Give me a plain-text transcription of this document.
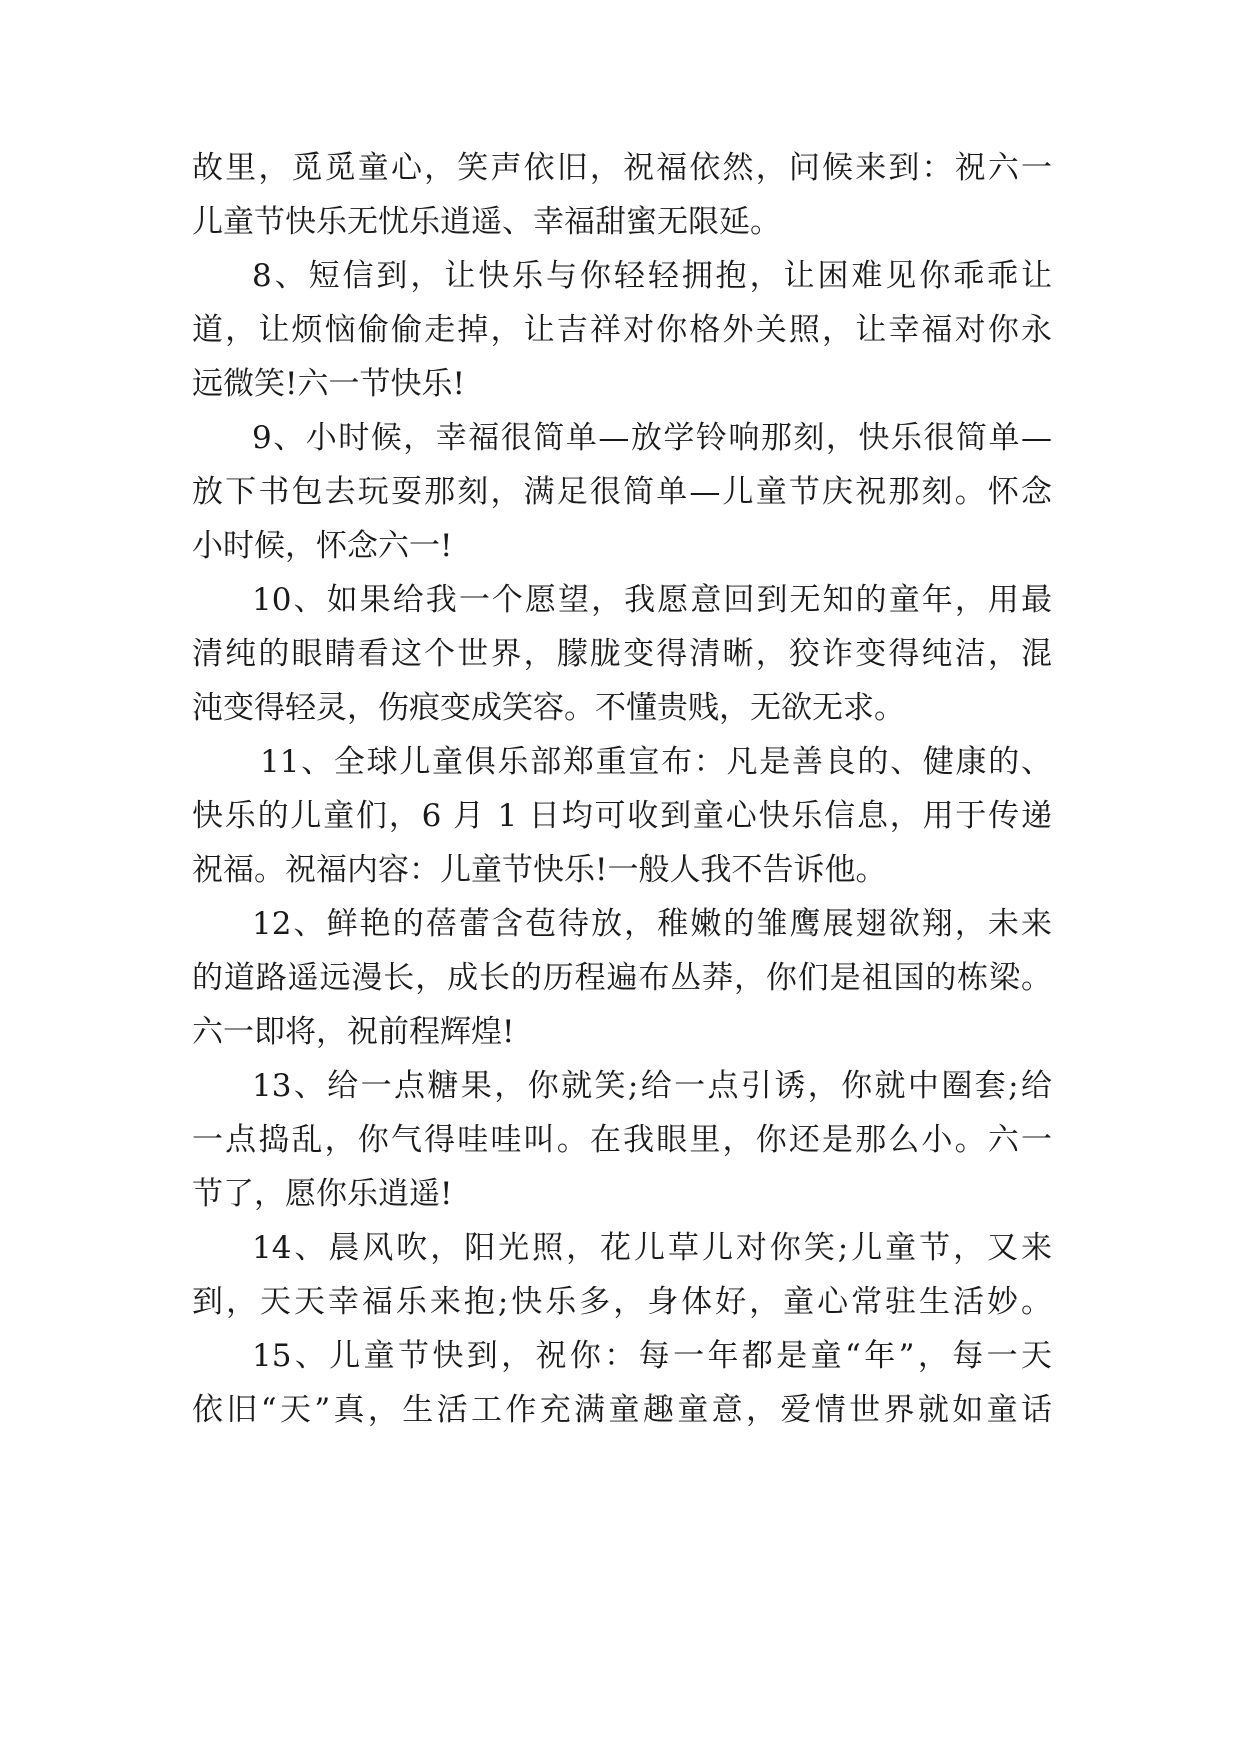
故里，觅觅童心，笑声依旧，祝福依然，问候来到：祝六一
儿童节快乐无忧乐逍遥、幸福甜蜜无限延。
8、短信到，让快乐与你轻轻拥抱，让困难见你乖乖让
道，让烦恼偷偷走掉，让吉祥对你格外关照，让幸福对你永
远微笑!六一节快乐!
9、小时候，幸福很简单—放学铃响那刻，快乐很简单—
放下书包去玩耍那刻，满足很简单—儿童节庆祝那刻。怀念
小时候，怀念六一!
10、如果给我一个愿望，我愿意回到无知的童年，用最
清纯的眼睛看这个世界，朦胧变得清晰，狡诈变得纯洁，混
沌变得轻灵，伤痕变成笑容。不懂贵贱，无欲无求。
11、全球儿童俱乐部郑重宣布：凡是善良的、健康的、
快乐的儿童们，6 月 1 日均可收到童心快乐信息，用于传递
祝福。祝福内容：儿童节快乐!一般人我不告诉他。
12、鲜艳的蓓蕾含苞待放，稚嫩的雏鹰展翅欲翔，未来
的道路遥远漫长，成长的历程遍布丛莽，你们是祖国的栋梁。
六一即将，祝前程辉煌!
13、给一点糖果，你就笑;给一点引诱，你就中圈套;给
一点捣乱，你气得哇哇叫。在我眼里，你还是那么小。六一
节了，愿你乐逍遥!
14、晨风吹，阳光照，花儿草儿对你笑;儿童节，又来
到，天天幸福乐来抱;快乐多，身体好，童心常驻生活妙。
15、儿童节快到，祝你：每一年都是童“年”，每一天
依旧“天”真，生活工作充满童趣童意，爱情世界就如童话
